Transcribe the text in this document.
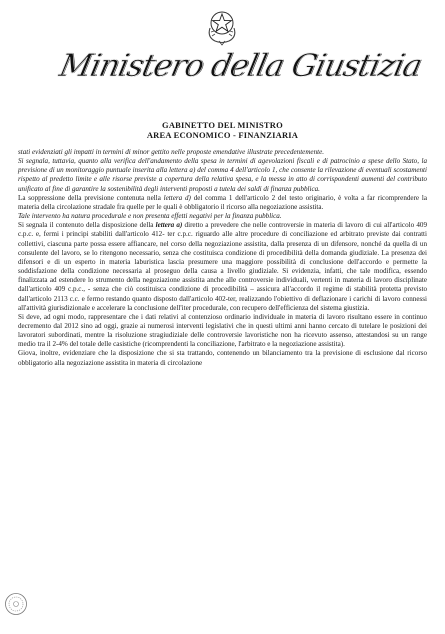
Ministero della Giustizia
GABINETTO DEL MINISTRO
AREA ECONOMICO - FINANZIARIA

stati evidenziati gli impatti in termini di minor gettito nelle proposte emendative illustrate precedentemente.

Si segnala, tuttavia, quanto alla verifica dell'andamento della spesa in termini di agevolazioni fiscali e di patrocinio a spese dello Stato, la previsione di un monitoraggio puntuale inserita alla lettera a) del comma 4 dell'articolo 1, che consente la rilevazione di eventuali scostamenti rispetto al predetto limite e alle risorse previste a copertura della relativa spesa, e la messa in atto di corrispondenti aumenti del contributo unificato al fine di garantire la sostenibilità degli interventi proposti a tutela dei saldi di finanza pubblica.

La soppressione della previsione contenuta nella lettera d) del comma 1 dell'articolo 2 del testo originario, è volta a far ricomprendere la materia della circolazione stradale fra quelle per le quali è obbligatorio il ricorso alla negoziazione assistita.

Tale intervento ha natura procedurale e non presenta effetti negativi per la finanza pubblica.

Si segnala il contenuto della disposizione della lettera a) diretto a prevedere che nelle controversie in materia di lavoro di cui all'articolo 409 c.p.c. e, fermi i principi stabiliti dall'articolo 412- ter c.p.c. riguardo alle altre procedure di conciliazione ed arbitrato previste dai contratti collettivi, ciascuna parte possa essere affiancare, nel corso della negoziazione assistita, dalla presenza di un difensore, nonché da quella di un consulente del lavoro, se lo ritengono necessario, senza che costituisca condizione di procedibilità della domanda giudiziale. La presenza dei difensori e di un esperto in materia laburistica lascia presumere una maggiore possibilità di conclusione dell'accordo e permette la soddisfazione della condizione necessaria al proseguo della causa a livello giudiziale. Si evidenzia, infatti, che tale modifica, essendo finalizzata ad estendere lo strumento della negoziazione assistita anche alle controversie individuali, vertenti in materia di lavoro disciplinate dall'articolo 409 c.p.c., - senza che ciò costituisca condizione di procedibilità – assicura all'accordo il regime di stabilità protetta previsto dall'articolo 2113 c.c. e fermo restando quanto disposto dall'articolo 402-ter, realizzando l'obiettivo di deflazionare i carichi di lavoro connessi all'attività giurisdizionale e accelerare la conclusione dell'iter procedurale, con recupero dell'efficienza del sistema giustizia.

Si deve, ad ogni modo, rappresentare che i dati relativi al contenzioso ordinario individuale in materia di lavoro risultano essere in continuo decremento dal 2012 sino ad oggi, grazie ai numerosi interventi legislativi che in questi ultimi anni hanno cercato di tutelare le posizioni dei lavoratori subordinati, mentre la risoluzione stragiudiziale delle controversie lavoristiche non ha ricevuto assenso, attestandosi su un range medio tra il 2-4% del totale delle casistiche (ricomprendenti la conciliazione, l'arbitrato e la negoziazione assistita).

Giova, inoltre, evidenziare che la disposizione che si sta trattando, contenendo un bilanciamento tra la previsione di esclusione dal ricorso obbligatorio alla negoziazione assistita in materia di circolazione
